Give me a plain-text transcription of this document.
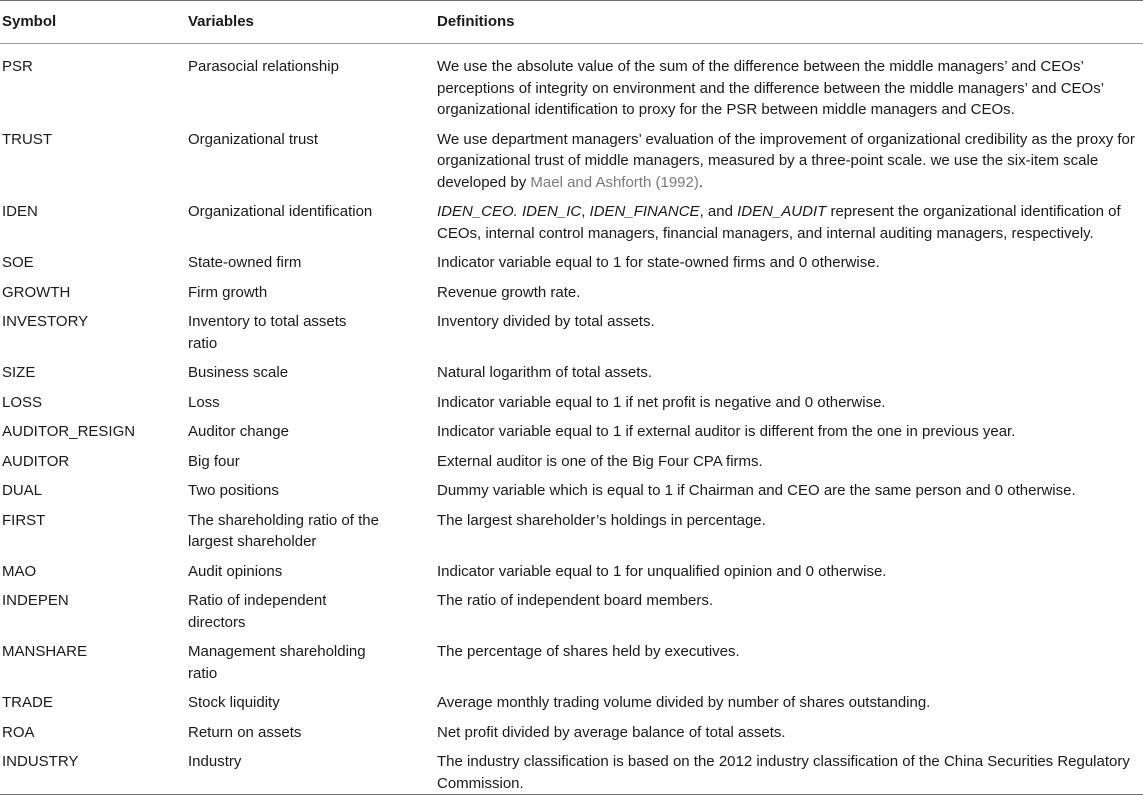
Symbol	Variables	Definitions
PSR	Parasocial relationship	We use the absolute value of the sum of the difference between the middle managers’ and CEOs’ perceptions of integrity on environment and the difference between the middle managers’ and CEOs’ organizational identification to proxy for the PSR between middle managers and CEOs.
TRUST	Organizational trust	We use department managers’ evaluation of the improvement of organizational credibility as the proxy for organizational trust of middle managers, measured by a three-point scale. we use the six-item scale developed by Mael and Ashforth (1992).
IDEN	Organizational identification	IDEN_CEO. IDEN_IC, IDEN_FINANCE, and IDEN_AUDIT represent the organizational identification of CEOs, internal control managers, financial managers, and internal auditing managers, respectively.
SOE	State-owned firm	Indicator variable equal to 1 for state-owned firms and 0 otherwise.
GROWTH	Firm growth	Revenue growth rate.
INVESTORY	Inventory to total assets ratio	Inventory divided by total assets.
SIZE	Business scale	Natural logarithm of total assets.
LOSS	Loss	Indicator variable equal to 1 if net profit is negative and 0 otherwise.
AUDITOR_RESIGN	Auditor change	Indicator variable equal to 1 if external auditor is different from the one in previous year.
AUDITOR	Big four	External auditor is one of the Big Four CPA firms.
DUAL	Two positions	Dummy variable which is equal to 1 if Chairman and CEO are the same person and 0 otherwise.
FIRST	The shareholding ratio of the largest shareholder	The largest shareholder’s holdings in percentage.
MAO	Audit opinions	Indicator variable equal to 1 for unqualified opinion and 0 otherwise.
INDEPEN	Ratio of independent directors	The ratio of independent board members.
MANSHARE	Management shareholding ratio	The percentage of shares held by executives.
TRADE	Stock liquidity	Average monthly trading volume divided by number of shares outstanding.
ROA	Return on assets	Net profit divided by average balance of total assets.
INDUSTRY	Industry	The industry classification is based on the 2012 industry classification of the China Securities Regulatory Commission.
